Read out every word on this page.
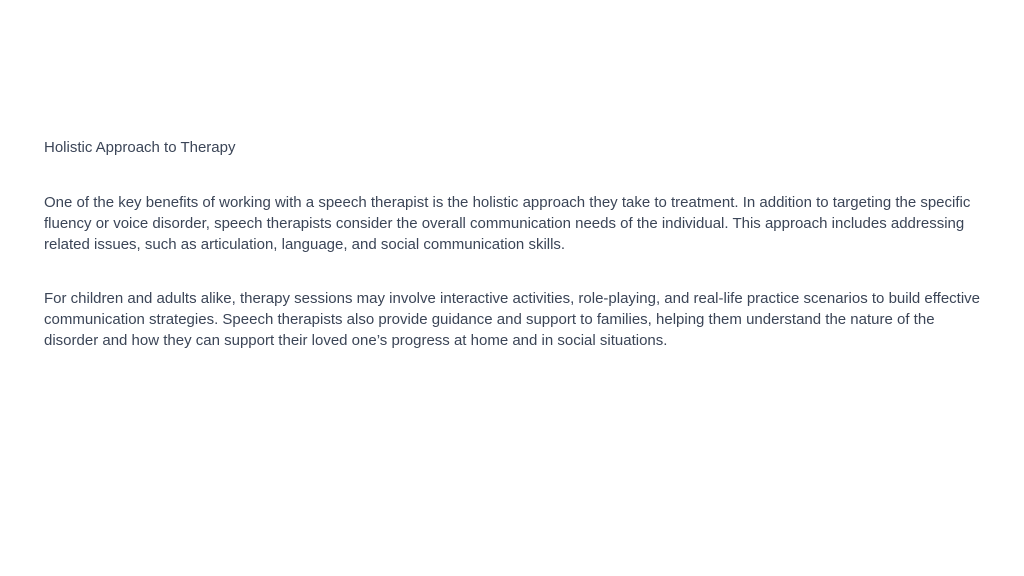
Holistic Approach to Therapy

One of the key benefits of working with a speech therapist is the holistic approach they take to treatment. In addition to targeting the specific fluency or voice disorder, speech therapists consider the overall communication needs of the individual. This approach includes addressing related issues, such as articulation, language, and social communication skills.

For children and adults alike, therapy sessions may involve interactive activities, role-playing, and real-life practice scenarios to build effective communication strategies. Speech therapists also provide guidance and support to families, helping them understand the nature of the disorder and how they can support their loved one’s progress at home and in social situations.
